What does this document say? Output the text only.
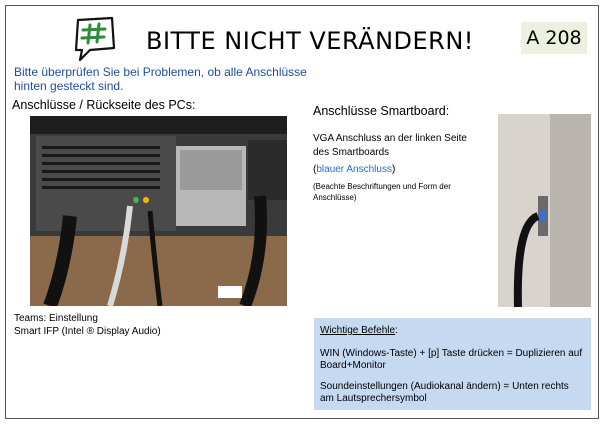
BITTE NICHT VERÄNDERN!	A 208
Bitte überprüfen Sie bei Problemen, ob alle Anschlüsse hinten gesteckt sind.
Anschlüsse / Rückseite des PCs:	Anschlüsse Smartboard:
VGA Anschluss an der linken Seite des Smartboards
(blauer Anschluss)
(Beachte Beschriftungen und Form der Anschlüsse)
Teams: Einstellung
Smart IFP (Intel ® Display Audio)	Wichtige Befehle:
WIN (Windows-Taste) + [p] Taste drücken = Duplizieren auf Board+Monitor
Soundeinstellungen (Audiokanal ändern) = Unten rechts am Lautsprechersymbol
